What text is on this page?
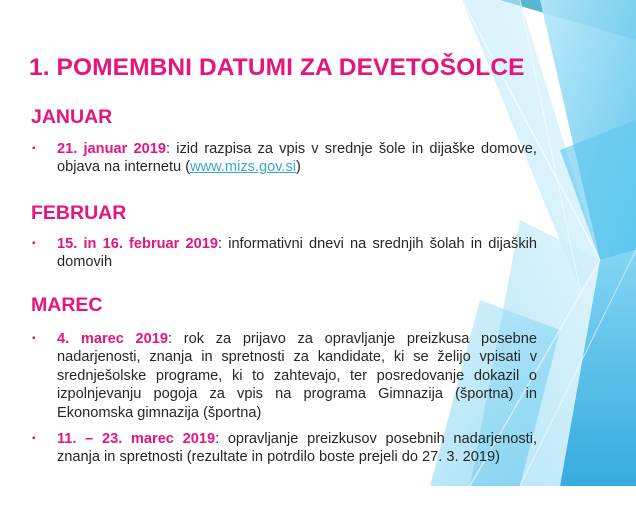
1. POMEMBNI DATUMI ZA DEVETOŠOLCE
JANUAR
▪ 21. januar 2019: izid razpisa za vpis v srednje šole in dijaške domove, objava na internetu (www.mizs.gov.si)
FEBRUAR
▪ 15. in 16. februar 2019: informativni dnevi na srednjih šolah in dijaških domovih
MAREC
▪ 4. marec 2019: rok za prijavo za opravljanje preizkusa posebne nadarjenosti, znanja in spretnosti za kandidate, ki se želijo vpisati v srednješolske programe, ki to zahtevajo, ter posredovanje dokazil o izpolnjevanju pogoja za vpis na programa Gimnazija (športna) in Ekonomska gimnazija (športna)
▪ 11. – 23. marec 2019: opravljanje preizkusov posebnih nadarjenosti, znanja in spretnosti (rezultate in potrdilo boste prejeli do 27. 3. 2019)
